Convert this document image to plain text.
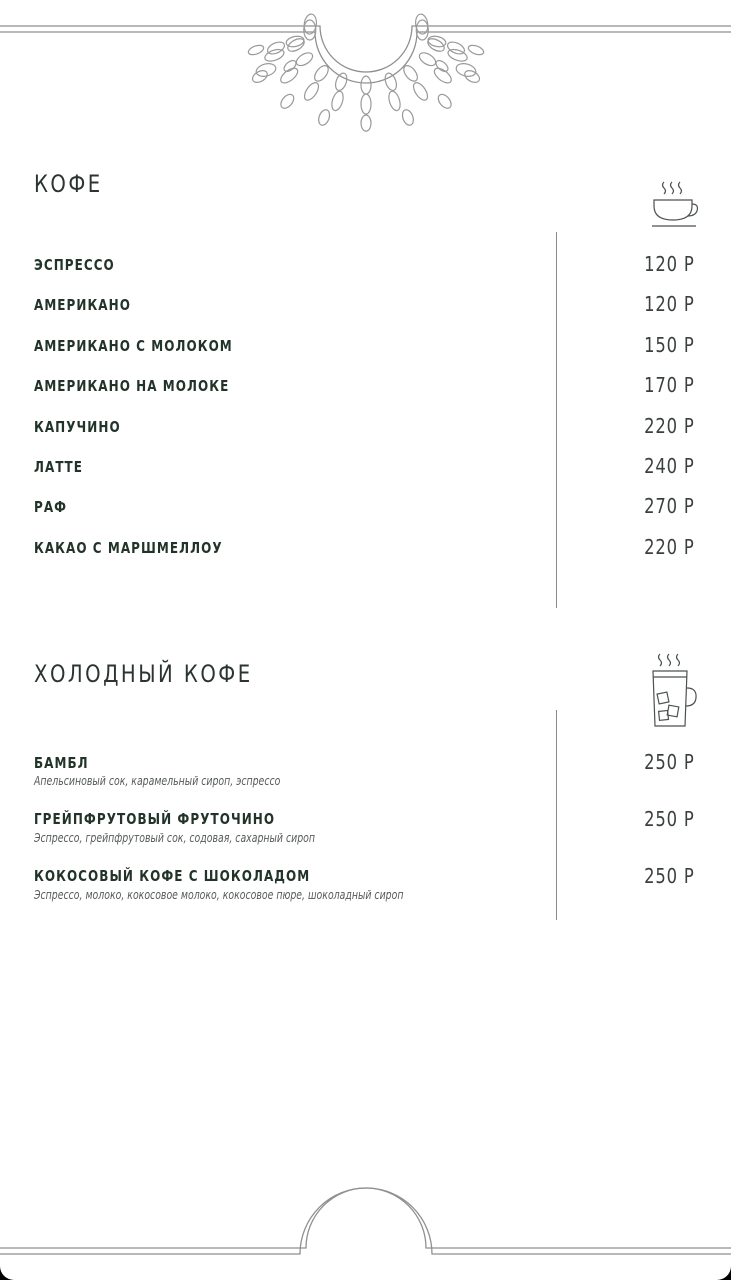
КОФЕ
ЭСПРЕССО	120 Р
АМЕРИКАНО	120 Р
АМЕРИКАНО С МОЛОКОМ	150 Р
АМЕРИКАНО НА МОЛОКЕ	170 Р
КАПУЧИНО	220 Р
ЛАТТЕ	240 Р
РАФ	270 Р
КАКАО С МАРШМЕЛЛОУ	220 Р
ХОЛОДНЫЙ КОФЕ
БАМБЛ
Апельсиновый сок, карамельный сироп, эспрессо
250 Р
ГРЕЙПФРУТОВЫЙ ФРУТОЧИНО
Эспрессо, грейпфрутовый сок, содовая, сахарный сироп
250 Р
КОКОСОВЫЙ КОФЕ С ШОКОЛАДОМ
Эспрессо, молоко, кокосовое молоко, кокосовое пюре, шоколадный сироп
250 Р
